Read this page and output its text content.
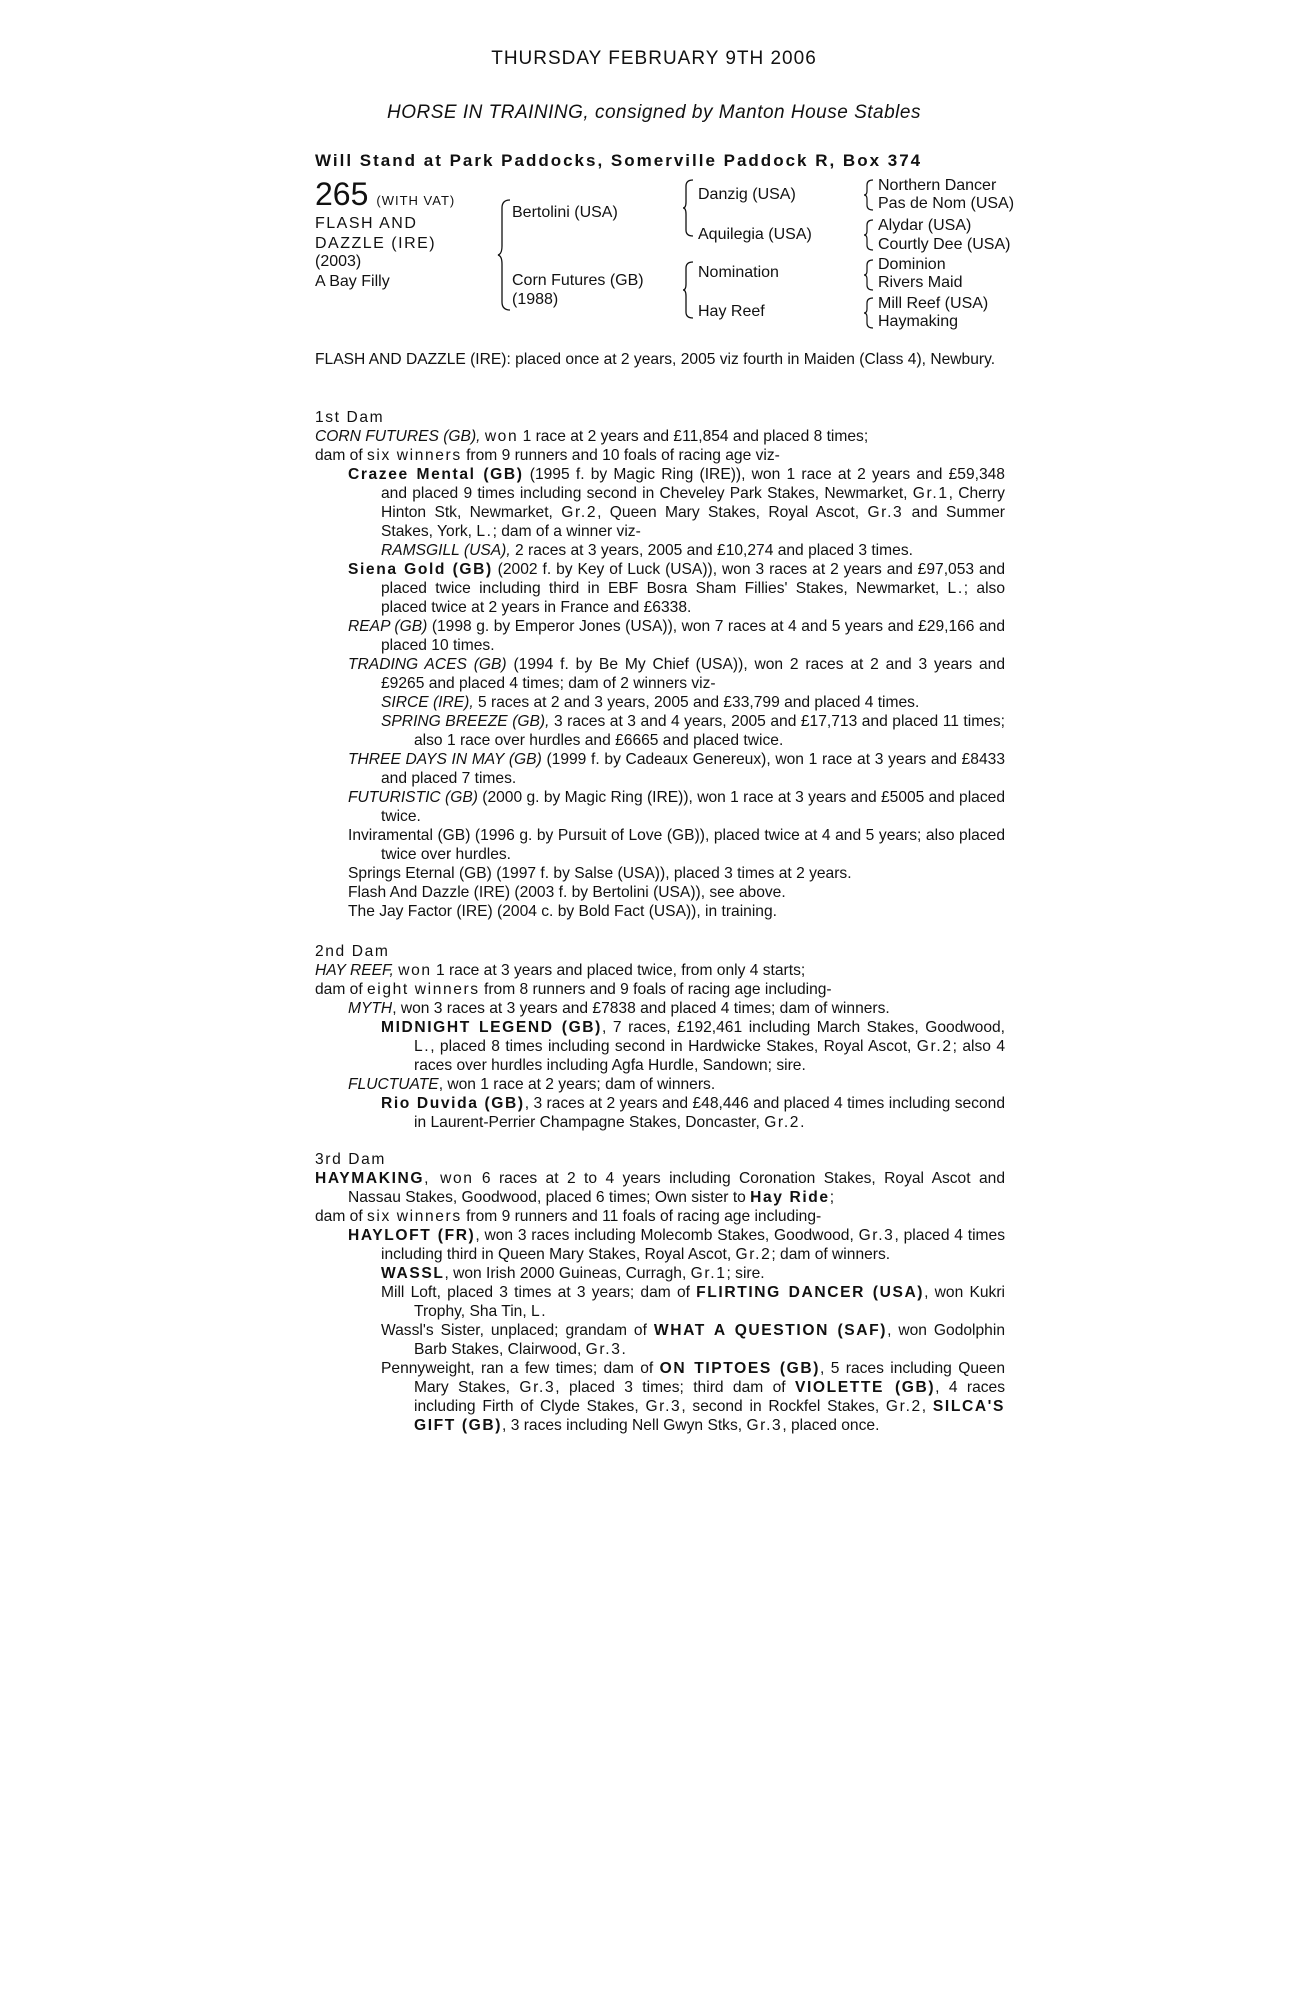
THURSDAY FEBRUARY 9TH 2006
HORSE IN TRAINING, consigned by Manton House Stables
Will Stand at Park Paddocks, Somerville Paddock R, Box 374
265 (WITH VAT)
FLASH AND
DAZZLE (IRE)
(2003)
A Bay Filly
Bertolini (USA)
Corn Futures (GB)
(1988)
Danzig (USA)
Aquilegia (USA)
Nomination
Hay Reef
Northern Dancer
Pas de Nom (USA)
Alydar (USA)
Courtly Dee (USA)
Dominion
Rivers Maid
Mill Reef (USA)
Haymaking

FLASH AND DAZZLE (IRE): placed once at 2 years, 2005 viz fourth in Maiden (Class 4), Newbury.

1st Dam

CORN FUTURES (GB), won 1 race at 2 years and £11,854 and placed 8 times;

dam of six winners from 9 runners and 10 foals of racing age viz-

Crazee Mental (GB) (1995 f. by Magic Ring (IRE)), won 1 race at 2 years and £59,348 and placed 9 times including second in Cheveley Park Stakes, Newmarket, Gr.1, Cherry Hinton Stk, Newmarket, Gr.2, Queen Mary Stakes, Royal Ascot, Gr.3 and Summer Stakes, York, L.; dam of a winner viz-

RAMSGILL (USA), 2 races at 3 years, 2005 and £10,274 and placed 3 times.

Siena Gold (GB) (2002 f. by Key of Luck (USA)), won 3 races at 2 years and £97,053 and placed twice including third in EBF Bosra Sham Fillies' Stakes, Newmarket, L.; also placed twice at 2 years in France and £6338.

REAP (GB) (1998 g. by Emperor Jones (USA)), won 7 races at 4 and 5 years and £29,166 and placed 10 times.

TRADING ACES (GB) (1994 f. by Be My Chief (USA)), won 2 races at 2 and 3 years and £9265 and placed 4 times; dam of 2 winners viz-

SIRCE (IRE), 5 races at 2 and 3 years, 2005 and £33,799 and placed 4 times.

SPRING BREEZE (GB), 3 races at 3 and 4 years, 2005 and £17,713 and placed 11 times; also 1 race over hurdles and £6665 and placed twice.

THREE DAYS IN MAY (GB) (1999 f. by Cadeaux Genereux), won 1 race at 3 years and £8433 and placed 7 times.

FUTURISTIC (GB) (2000 g. by Magic Ring (IRE)), won 1 race at 3 years and £5005 and placed twice.

Inviramental (GB) (1996 g. by Pursuit of Love (GB)), placed twice at 4 and 5 years; also placed twice over hurdles.

Springs Eternal (GB) (1997 f. by Salse (USA)), placed 3 times at 2 years.

Flash And Dazzle (IRE) (2003 f. by Bertolini (USA)), see above.

The Jay Factor (IRE) (2004 c. by Bold Fact (USA)), in training.

2nd Dam

HAY REEF, won 1 race at 3 years and placed twice, from only 4 starts;

dam of eight winners from 8 runners and 9 foals of racing age including-

MYTH, won 3 races at 3 years and £7838 and placed 4 times; dam of winners.

MIDNIGHT LEGEND (GB), 7 races, £192,461 including March Stakes, Goodwood, L., placed 8 times including second in Hardwicke Stakes, Royal Ascot, Gr.2; also 4 races over hurdles including Agfa Hurdle, Sandown; sire.

FLUCTUATE, won 1 race at 2 years; dam of winners.

Rio Duvida (GB), 3 races at 2 years and £48,446 and placed 4 times including second in Laurent-Perrier Champagne Stakes, Doncaster, Gr.2.

3rd Dam

HAYMAKING, won 6 races at 2 to 4 years including Coronation Stakes, Royal Ascot and Nassau Stakes, Goodwood, placed 6 times; Own sister to Hay Ride;

dam of six winners from 9 runners and 11 foals of racing age including-

HAYLOFT (FR), won 3 races including Molecomb Stakes, Goodwood, Gr.3, placed 4 times including third in Queen Mary Stakes, Royal Ascot, Gr.2; dam of winners.

WASSL, won Irish 2000 Guineas, Curragh, Gr.1; sire.

Mill Loft, placed 3 times at 3 years; dam of FLIRTING DANCER (USA), won Kukri Trophy, Sha Tin, L.

Wassl's Sister, unplaced; grandam of WHAT A QUESTION (SAF), won Godolphin Barb Stakes, Clairwood, Gr.3.

Pennyweight, ran a few times; dam of ON TIPTOES (GB), 5 races including Queen Mary Stakes, Gr.3, placed 3 times; third dam of VIOLETTE (GB), 4 races including Firth of Clyde Stakes, Gr.3, second in Rockfel Stakes, Gr.2, SILCA'S GIFT (GB), 3 races including Nell Gwyn Stks, Gr.3, placed once.
